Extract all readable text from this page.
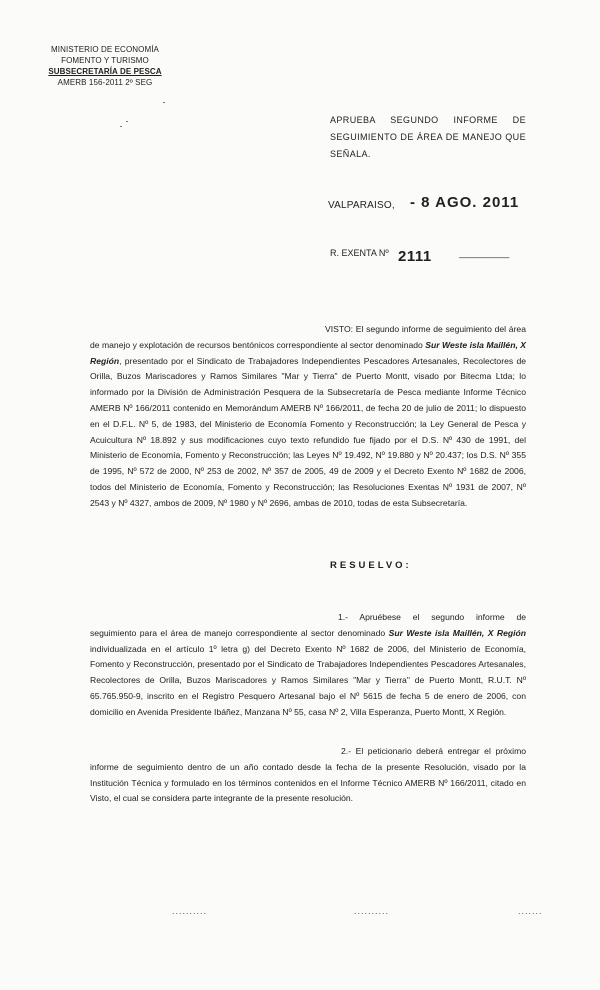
MINISTERIO DE ECONOMÍA
FOMENTO Y TURISMO
SUBSECRETARÍA DE PESCA
AMERB 156-2011 2º SEG
APRUEBA SEGUNDO INFORME DE SEGUIMIENTO DE ÁREA DE MANEJO QUE SEÑALA.
VALPARAISO, - 8 AGO. 2011
R. EXENTA Nº	__________
2111

VISTO: El segundo informe de seguimiento del área de manejo y explotación de recursos bentónicos correspondiente al sector denominado Sur Weste isla Maillén, X Región, presentado por el Sindicato de Trabajadores Independientes Pescadores Artesanales, Recolectores de Orilla, Buzos Mariscadores y Ramos Similares "Mar y Tierra" de Puerto Montt, visado por Bitecma Ltda; lo informado por la División de Administración Pesquera de la Subsecretaría de Pesca mediante Informe Técnico AMERB Nº 166/2011 contenido en Memorándum AMERB Nº 166/2011, de fecha 20 de julio de 2011; lo dispuesto en el D.F.L. Nº 5, de 1983, del Ministerio de Economía Fomento y Reconstrucción; la Ley General de Pesca y Acuicultura Nº 18.892 y sus modificaciones cuyo texto refundido fue fijado por el D.S. Nº 430 de 1991, del Ministerio de Economía, Fomento y Reconstrucción; las Leyes Nº 19.492, Nº 19.880 y Nº 20.437; los D.S. Nº 355 de 1995, Nº 572 de 2000, Nº 253 de 2002, Nº 357 de 2005, 49 de 2009 y el Decreto Exento Nº 1682 de 2006, todos del Ministerio de Economía, Fomento y Reconstrucción; las Resoluciones Exentas Nº 1931 de 2007, Nº 2543 y Nº 4327, ambos de 2009, Nº 1980 y Nº 2696, ambas de 2010, todas de esta Subsecretaría.

RESUELVO:

1.- Apruébese el segundo informe de seguimiento para el área de manejo correspondiente al sector denominado Sur Weste isla Maillén, X Región individualizada en el artículo 1º letra g) del Decreto Exento Nº 1682 de 2006, del Ministerio de Economía, Fomento y Reconstrucción, presentado por el Sindicato de Trabajadores Independientes Pescadores Artesanales, Recolectores de Orilla, Buzos Mariscadores y Ramos Similares "Mar y Tierra" de Puerto Montt, R.U.T. Nº 65.765.950-9, inscrito en el Registro Pesquero Artesanal bajo el Nº 5615 de fecha 5 de enero de 2006, con domicilio en Avenida Presidente Ibáñez, Manzana Nº 55, casa Nº 2, Villa Esperanza, Puerto Montt, X Región.

2.- El peticionario deberá entregar el próximo informe de seguimiento dentro de un año contado desde la fecha de la presente Resolución, visado por la Institución Técnica y formulado en los términos contenidos en el Informe Técnico AMERB Nº 166/2011, citado en Visto, el cual se considera parte integrante de la presente resolución.

..........	..........	.......
